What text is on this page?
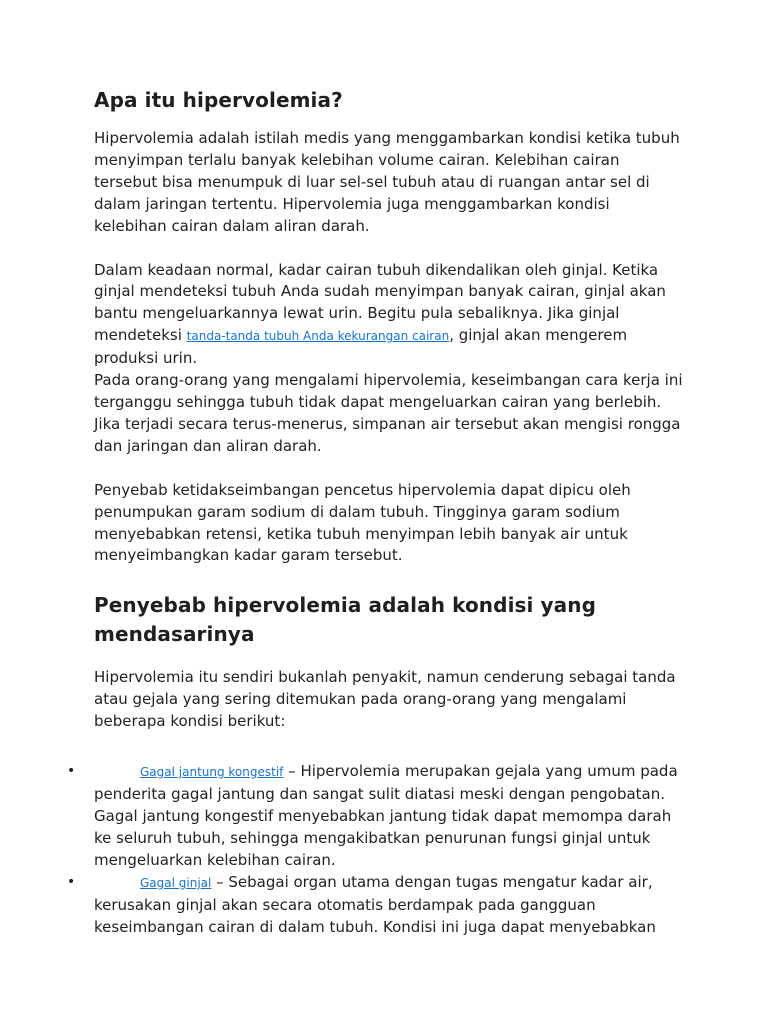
Apa itu hipervolemia?

Hipervolemia adalah istilah medis yang menggambarkan kondisi ketika tubuh menyimpan terlalu banyak kelebihan volume cairan. Kelebihan cairan tersebut bisa menumpuk di luar sel-sel tubuh atau di ruangan antar sel di dalam jaringan tertentu. Hipervolemia juga menggambarkan kondisi kelebihan cairan dalam aliran darah.

Dalam keadaan normal, kadar cairan tubuh dikendalikan oleh ginjal. Ketika ginjal mendeteksi tubuh Anda sudah menyimpan banyak cairan, ginjal akan bantu mengeluarkannya lewat urin. Begitu pula sebaliknya. Jika ginjal mendeteksi tanda-tanda tubuh Anda kekurangan cairan, ginjal akan mengerem produksi urin.

Pada orang-orang yang mengalami hipervolemia, keseimbangan cara kerja ini terganggu sehingga tubuh tidak dapat mengeluarkan cairan yang berlebih. Jika terjadi secara terus-menerus, simpanan air tersebut akan mengisi rongga dan jaringan dan aliran darah.

Penyebab ketidakseimbangan pencetus hipervolemia dapat dipicu oleh penumpukan garam sodium di dalam tubuh. Tingginya garam sodium menyebabkan retensi, ketika tubuh menyimpan lebih banyak air untuk menyeimbangkan kadar garam tersebut.

Penyebab hipervolemia adalah kondisi yang mendasarinya

Hipervolemia itu sendiri bukanlah penyakit, namun cenderung sebagai tanda atau gejala yang sering ditemukan pada orang-orang yang mengalami beberapa kondisi berikut:

•	Gagal jantung kongestif – Hipervolemia merupakan gejala yang umum pada penderita gagal jantung dan sangat sulit diatasi meski dengan pengobatan. Gagal jantung kongestif menyebabkan jantung tidak dapat memompa darah ke seluruh tubuh, sehingga mengakibatkan penurunan fungsi ginjal untuk mengeluarkan kelebihan cairan.
•	Gagal ginjal – Sebagai organ utama dengan tugas mengatur kadar air, kerusakan ginjal akan secara otomatis berdampak pada gangguan keseimbangan cairan di dalam tubuh. Kondisi ini juga dapat menyebabkan
